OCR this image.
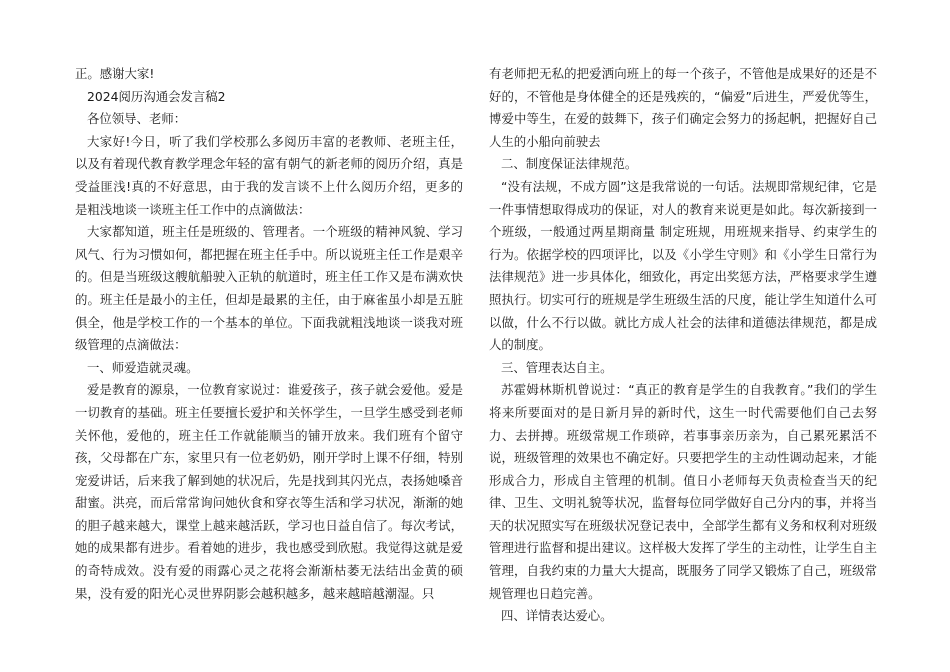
正。感谢大家!

2024阅历沟通会发言稿2

各位领导、老师：

大家好!今日，听了我们学校那么多阅历丰富的老教师、老班主任，以及有着现代教育教学理念年轻的富有朝气的新老师的阅历介绍，真是受益匪浅!真的不好意思，由于我的发言谈不上什么阅历介绍，更多的是粗浅地谈一谈班主任工作中的点滴做法：

大家都知道，班主任是班级的、管理者。一个班级的精神风貌、学习风气、行为习惯如何，都把握在班主任手中。所以说班主任工作是艰辛的。但是当班级这艘航船驶入正轨的航道时，班主任工作又是布满欢快的。班主任是最小的主任，但却是最累的主任，由于麻雀虽小却是五脏俱全，他是学校工作的一个基本的单位。下面我就粗浅地谈一谈我对班级管理的点滴做法：

一、师爱造就灵魂。

爱是教育的源泉，一位教育家说过：谁爱孩子，孩子就会爱他。爱是一切教育的基础。班主任要擅长爱护和关怀学生，一旦学生感受到老师关怀他，爱他的，班主任工作就能顺当的铺开放来。我们班有个留守孩，父母都在广东，家里只有一位老奶奶，刚开学时上课不仔细，特别宠爱讲话，后来我了解到她的状况后，先是找到其闪光点，表扬她嗓音甜蜜。洪亮，而后常常询问她伙食和穿衣等生活和学习状况，渐渐的她的胆子越来越大，课堂上越来越活跃，学习也日益自信了。每次考试，她的成果都有进步。看着她的进步，我也感受到欣慰。我觉得这就是爱的奇特成效。没有爱的雨露心灵之花将会渐渐枯萎无法结出金黄的硕果，没有爱的阳光心灵世界阴影会越积越多，越来越暗越潮湿。只

有老师把无私的把爱洒向班上的每一个孩子，不管他是成果好的还是不好的，不管他是身体健全的还是残疾的，“偏爱”后进生，严爱优等生，博爱中等生，在爱的鼓舞下，孩子们确定会努力的扬起帆，把握好自己人生的小船向前驶去

二、制度保证法律规范。

“没有法规，不成方圆”这是我常说的一句话。法规即常规纪律，它是一件事情想取得成功的保证，对人的教育来说更是如此。每次新接到一个班级，一般通过两星期商量 制定班规，用班规来指导、约束学生的行为。依据学校的四项评比，以及《小学生守则》和《小学生日常行为法律规范》进一步具体化，细致化，再定出奖惩方法，严格要求学生遵照执行。切实可行的班规是学生班级生活的尺度，能让学生知道什么可以做，什么不行以做。就比方成人社会的法律和道德法律规范，都是成人的制度。

三、管理表达自主。

苏霍姆林斯机曾说过：“真正的教育是学生的自我教育。”我们的学生将来所要面对的是日新月异的新时代，这生一时代需要他们自己去努力、去拼搏。班级常规工作琐碎，若事事亲历亲为，自己累死累活不说，班级管理的效果也不确定好。只要把学生的主动性调动起来，才能形成合力，形成自主管理的机制。值日小老师每天负责检查当天的纪律、卫生、文明礼貌等状况，监督每位同学做好自己分内的事，并将当天的状况照实写在班级状况登记表中，全部学生都有义务和权利对班级管理进行监督和提出建议。这样极大发挥了学生的主动性，让学生自主管理，自我约束的力量大大提高，既服务了同学又锻炼了自己，班级常规管理也日趋完善。

四、详情表达爱心。
